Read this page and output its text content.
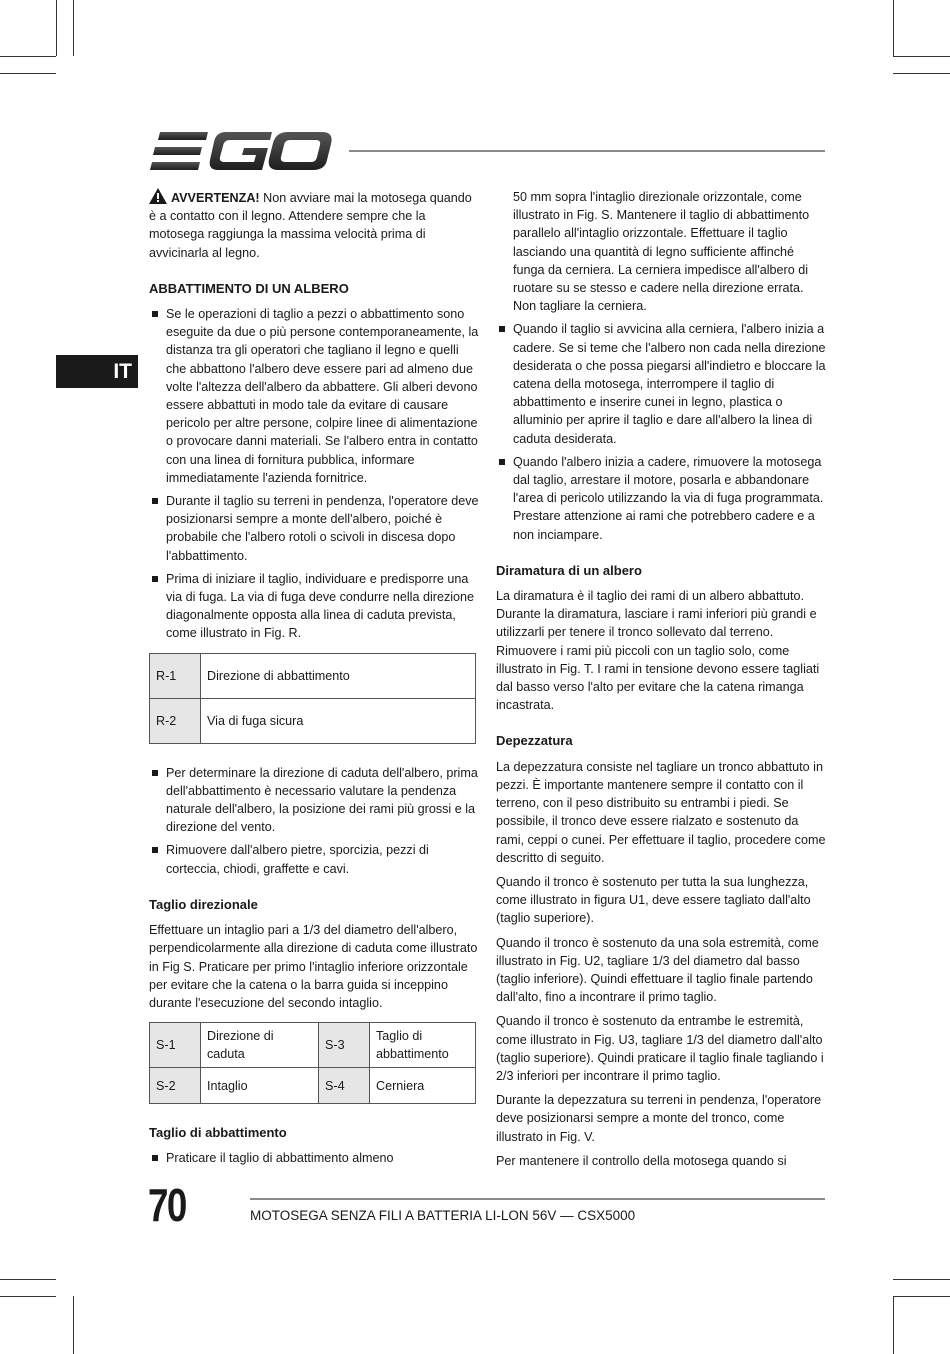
IT

AVVERTENZA! Non avviare mai la motosega quando è a contatto con il legno. Attendere sempre che la motosega raggiunga la massima velocità prima di avvicinarla al legno.

ABBATTIMENTO DI UN ALBERO
Se le operazioni di taglio a pezzi o abbattimento sono eseguite da due o più persone contemporaneamente, la distanza tra gli operatori che tagliano il legno e quelli che abbattono l'albero deve essere pari ad almeno due volte l'altezza dell'albero da abbattere. Gli alberi devono essere abbattuti in modo tale da evitare di causare pericolo per altre persone, colpire linee di alimentazione o provocare danni materiali. Se l'albero entra in contatto con una linea di fornitura pubblica, informare immediatamente l'azienda fornitrice.
Durante il taglio su terreni in pendenza, l'operatore deve posizionarsi sempre a monte dell'albero, poiché è probabile che l'albero rotoli o scivoli in discesa dopo l'abbattimento.
Prima di iniziare il taglio, individuare e predisporre una via di fuga. La via di fuga deve condurre nella direzione diagonalmente opposta alla linea di caduta prevista, come illustrato in Fig. R.
R-1	Direzione di abbattimento
R-2	Via di fuga sicura
Per determinare la direzione di caduta dell'albero, prima dell'abbattimento è necessario valutare la pendenza naturale dell'albero, la posizione dei rami più grossi e la direzione del vento.
Rimuovere dall'albero pietre, sporcizia, pezzi di corteccia, chiodi, graffette e cavi.
Taglio direzionale

Effettuare un intaglio pari a 1/3 del diametro dell'albero, perpendicolarmente alla direzione di caduta come illustrato in Fig S. Praticare per primo l'intaglio inferiore orizzontale per evitare che la catena o la barra guida si inceppino durante l'esecuzione del secondo intaglio.

S-1	Direzione di caduta	S-3	Taglio di abbattimento
S-2	Intaglio	S-4	Cerniera
Taglio di abbattimento
Praticare il taglio di abbattimento almeno
50 mm sopra l'intaglio direzionale orizzontale, come illustrato in Fig. S. Mantenere il taglio di abbattimento parallelo all'intaglio orizzontale. Effettuare il taglio lasciando una quantità di legno sufficiente affinché funga da cerniera. La cerniera impedisce all'albero di ruotare su se stesso e cadere nella direzione errata. Non tagliare la cerniera.
Quando il taglio si avvicina alla cerniera, l'albero inizia a cadere. Se si teme che l'albero non cada nella direzione desiderata o che possa piegarsi all'indietro e bloccare la catena della motosega, interrompere il taglio di abbattimento e inserire cunei in legno, plastica o alluminio per aprire il taglio e dare all'albero la linea di caduta desiderata.
Quando l'albero inizia a cadere, rimuovere la motosega dal taglio, arrestare il motore, posarla e abbandonare l'area di pericolo utilizzando la via di fuga programmata. Prestare attenzione ai rami che potrebbero cadere e a non inciampare.
Diramatura di un albero

La diramatura è il taglio dei rami di un albero abbattuto. Durante la diramatura, lasciare i rami inferiori più grandi e utilizzarli per tenere il tronco sollevato dal terreno. Rimuovere i rami più piccoli con un taglio solo, come illustrato in Fig. T. I rami in tensione devono essere tagliati dal basso verso l'alto per evitare che la catena rimanga incastrata.

Depezzatura

La depezzatura consiste nel tagliare un tronco abbattuto in pezzi. È importante mantenere sempre il contatto con il terreno, con il peso distribuito su entrambi i piedi. Se possibile, il tronco deve essere rialzato e sostenuto da rami, ceppi o cunei. Per effettuare il taglio, procedere come descritto di seguito.

Quando il tronco è sostenuto per tutta la sua lunghezza, come illustrato in figura U1, deve essere tagliato dall'alto (taglio superiore).

Quando il tronco è sostenuto da una sola estremità, come illustrato in Fig. U2, tagliare 1/3 del diametro dal basso (taglio inferiore). Quindi effettuare il taglio finale partendo dall'alto, fino a incontrare il primo taglio.

Quando il tronco è sostenuto da entrambe le estremità, come illustrato in Fig. U3, tagliare 1/3 del diametro dall'alto (taglio superiore). Quindi praticare il taglio finale tagliando i 2/3 inferiori per incontrare il primo taglio.

Durante la depezzatura su terreni in pendenza, l'operatore deve posizionarsi sempre a monte del tronco, come illustrato in Fig. V.

Per mantenere il controllo della motosega quando si

70	MOTOSEGA SENZA FILI A BATTERIA LI-LON 56V — CSX5000
